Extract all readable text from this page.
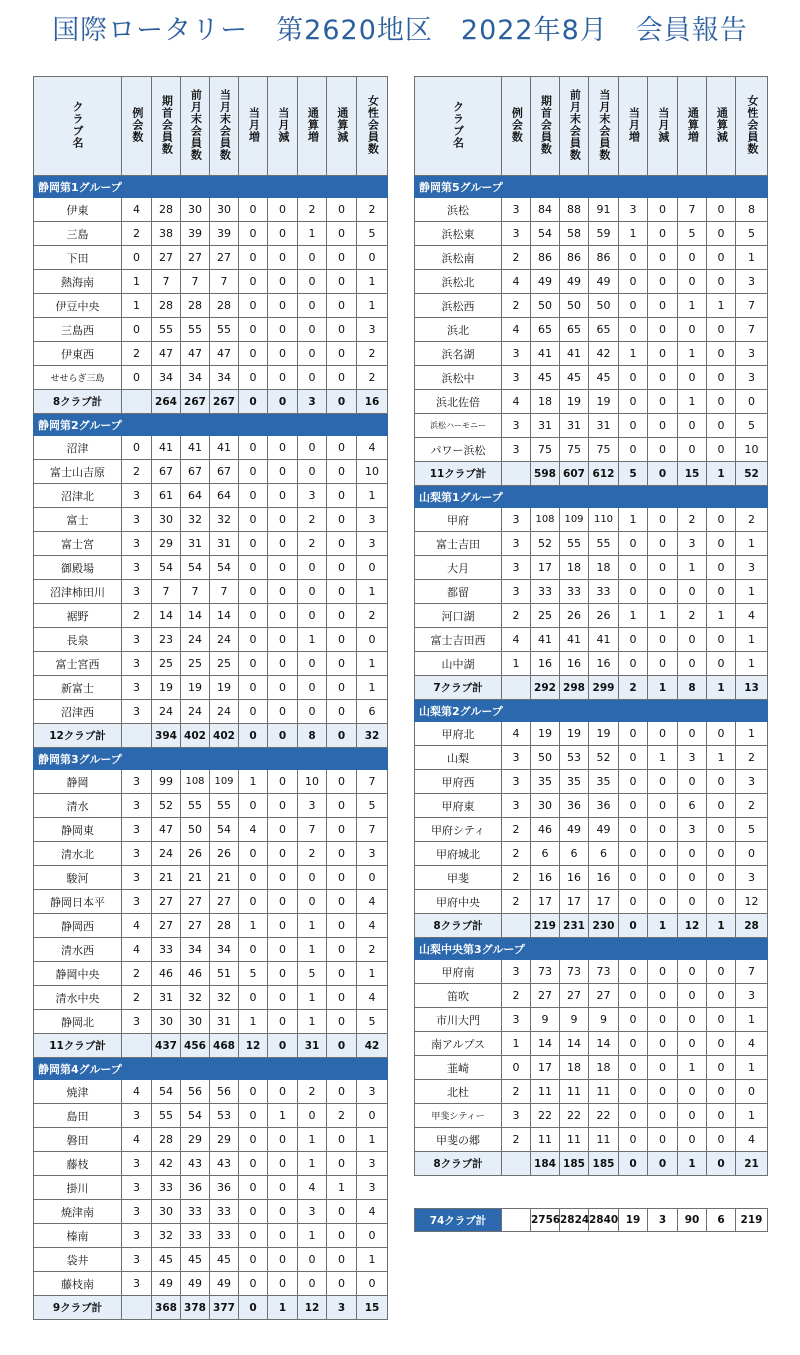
国際ロータリー　第2620地区　2022年8月　会員報告
クラブ名	例会数	期首会員数	前月末会員数	当月末会員数	当月増	当月減	通算増	通算減	女性会員数
静岡第1グループ									
伊東	4	28	30	30	0	0	2	0	2
三島	2	38	39	39	0	0	1	0	5
下田	0	27	27	27	0	0	0	0	0
熱海南	1	7	7	7	0	0	0	0	1
伊豆中央	1	28	28	28	0	0	0	0	1
三島西	0	55	55	55	0	0	0	0	3
伊東西	2	47	47	47	0	0	0	0	2
せせらぎ三島	0	34	34	34	0	0	0	0	2
8クラブ計		264	267	267	0	0	3	0	16
静岡第2グループ									
沼津	0	41	41	41	0	0	0	0	4
富士山吉原	2	67	67	67	0	0	0	0	10
沼津北	3	61	64	64	0	0	3	0	1
富士	3	30	32	32	0	0	2	0	3
富士宮	3	29	31	31	0	0	2	0	3
御殿場	3	54	54	54	0	0	0	0	0
沼津柿田川	3	7	7	7	0	0	0	0	1
裾野	2	14	14	14	0	0	0	0	2
長泉	3	23	24	24	0	0	1	0	0
富士宮西	3	25	25	25	0	0	0	0	1
新富士	3	19	19	19	0	0	0	0	1
沼津西	3	24	24	24	0	0	0	0	6
12クラブ計		394	402	402	0	0	8	0	32
静岡第3グループ									
静岡	3	99	108	109	1	0	10	0	7
清水	3	52	55	55	0	0	3	0	5
静岡東	3	47	50	54	4	0	7	0	7
清水北	3	24	26	26	0	0	2	0	3
駿河	3	21	21	21	0	0	0	0	0
静岡日本平	3	27	27	27	0	0	0	0	4
静岡西	4	27	27	28	1	0	1	0	4
清水西	4	33	34	34	0	0	1	0	2
静岡中央	2	46	46	51	5	0	5	0	1
清水中央	2	31	32	32	0	0	1	0	4
静岡北	3	30	30	31	1	0	1	0	5
11クラブ計		437	456	468	12	0	31	0	42
静岡第4グループ									
焼津	4	54	56	56	0	0	2	0	3
島田	3	55	54	53	0	1	0	2	0
磐田	4	28	29	29	0	0	1	0	1
藤枝	3	42	43	43	0	0	1	0	3
掛川	3	33	36	36	0	0	4	1	3
焼津南	3	30	33	33	0	0	3	0	4
榛南	3	32	33	33	0	0	1	0	0
袋井	3	45	45	45	0	0	0	0	1
藤枝南	3	49	49	49	0	0	0	0	0
9クラブ計		368	378	377	0	1	12	3	15
クラブ名	例会数	期首会員数	前月末会員数	当月末会員数	当月増	当月減	通算増	通算減	女性会員数
静岡第5グループ									
浜松	3	84	88	91	3	0	7	0	8
浜松東	3	54	58	59	1	0	5	0	5
浜松南	2	86	86	86	0	0	0	0	1
浜松北	4	49	49	49	0	0	0	0	3
浜松西	2	50	50	50	0	0	1	1	7
浜北	4	65	65	65	0	0	0	0	7
浜名湖	3	41	41	42	1	0	1	0	3
浜松中	3	45	45	45	0	0	0	0	3
浜北佐倍	4	18	19	19	0	0	1	0	0
浜松ハーモニー	3	31	31	31	0	0	0	0	5
パワー浜松	3	75	75	75	0	0	0	0	10
11クラブ計		598	607	612	5	0	15	1	52
山梨第1グループ									
甲府	3	108	109	110	1	0	2	0	2
富士吉田	3	52	55	55	0	0	3	0	1
大月	3	17	18	18	0	0	1	0	3
都留	3	33	33	33	0	0	0	0	1
河口湖	2	25	26	26	1	1	2	1	4
富士吉田西	4	41	41	41	0	0	0	0	1
山中湖	1	16	16	16	0	0	0	0	1
7クラブ計		292	298	299	2	1	8	1	13
山梨第2グループ									
甲府北	4	19	19	19	0	0	0	0	1
山梨	3	50	53	52	0	1	3	1	2
甲府西	3	35	35	35	0	0	0	0	3
甲府東	3	30	36	36	0	0	6	0	2
甲府シティ	2	46	49	49	0	0	3	0	5
甲府城北	2	6	6	6	0	0	0	0	0
甲斐	2	16	16	16	0	0	0	0	3
甲府中央	2	17	17	17	0	0	0	0	12
8クラブ計		219	231	230	0	1	12	1	28
山梨中央第3グループ									
甲府南	3	73	73	73	0	0	0	0	7
笛吹	2	27	27	27	0	0	0	0	3
市川大門	3	9	9	9	0	0	0	0	1
南アルプス	1	14	14	14	0	0	0	0	4
韮崎	0	17	18	18	0	0	1	0	1
北杜	2	11	11	11	0	0	0	0	0
甲斐シティー	3	22	22	22	0	0	0	0	1
甲斐の郷	2	11	11	11	0	0	0	0	4
8クラブ計		184	185	185	0	0	1	0	21
74クラブ計		2756	2824	2840	19	3	90	6	219
